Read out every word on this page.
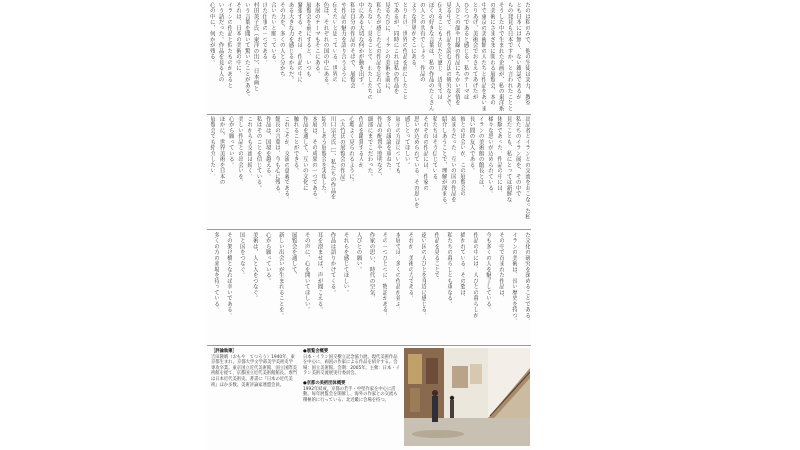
たのは私のみで、他の生徒は実力、教室
とも日本には無く、ない雑誌であるが
らの発見も日本ですか、と言われたことと
そうした中で生まれた企画が、私の東洋系
の美術にさまざまに関わる展覧会、本の
中で東京の美術館の人たちと作品をあいま
とりあげ、美術会でおさえてあげたが
ひとつであると感じる。私のテーマは
人びとの顔や目線の作品にちかい表情を
見る中で、作品を読む方法の研究などで、
伝えることも大切だと感じ、近年では
ぼくの好きな言葉は、私の作品のたくさん
の人との共有でしょう。作品の
ような世界がそこにある。
とりわけ、世界の作品を前にしたこと
であるが、同時にこれは私の作品を
見るたびに、イランの美術を前に、
私たちが感じた心の作品を忘れては
ならない。見ることで、わたしたちの
中にある大切な何かが動き出す。
私は自分の作品のそばで、展覧会
や作品の魅力を語り合うように
伝えたいと思っている。世界の
色は、それぞれの国の中にある。
本展のテーマもそこにある。
展覧会を前にすると、いつも
緊張する。それは、作品の中に
ある大きな力を感じるからだ。
その力を、多くの人と分かち
合いたいと願っている。
げた仕事の一つである。
村田英子氏（東洋の出）、日本画と
いう言葉を聞いて驚いたことがある。
それは、日本の美術の中に、
イランの作品と似たものがあると
いう話だった。作品を見る人の
心の中に、何かが残る。
出品者とイランとの交流をおこなった私
私たちのイラン展を、その中で
見たことも、私にとっては新鮮な
体験であった。作品の中には、
様々な思いが込められている。
イランの美術館の館長とは、
長い間の友人である。
彼との出会いが、この展覧会の
始まりだった。互いの国の作品を
紹介しあうことで、理解が深まる。
私たちはそう信じている。
それぞれの作品には、作家の
思いが込められている。その思いを
感じとってほしい。
展示の方法についても、
多くの議論を重ねた。
作品の配置や照明など、
細部にまでこだわった。
作品を鑑賞する人が、
心地よく見られるように。
（大竹氏の展覧会の作品）
川口宗夫氏［］、私たちの作品を
紹介しあう展覧会を実現した。
本展は、その成果の一つである。
作品を通して、互いの文化に
触れることができる。
これこそが、交流の意義である。
館長の言葉は、今も心に残る。
作品は、国境を越える。
私はそのことを信じている。
これからも交流は続く。
美しい作品との出会いを。
心から願っている。
ほかに、世界美術を日本の
展覧会でも紹介したい。
た文化の研究を深めることである。
イランの美術は、長い歴史を持つ。
その中で育まれた作品は、
今も多くの人を魅了している。
作品の中には、人びとの暮らしが
描かれている。その姿は、
私たちの暮らしとも重なる。
作品を見ることで、
遠い国の人びとを身近に感じる。
それが、美術の力である。
本展では、多くの作品が並ぶ。
その一つひとつに、物語がある。
作家の思い、時代の空気、
人びとの願い。
それらを感じてほしい。
作品は語りかけてくる。
耳を澄ませば、声が聞こえる。
その声に、心を開いてほしい。
展覧会を通して、
新しい出会いが生まれることを。
心から願っている。
美術は、人と人をつなぐ。
国と国をつなぐ。
その架け橋となれば幸いである。
多くの方の来場を待っている。
［評論執筆］
吉田隆晴（おもや　てつろう）1940年、東京都生まれ。京都大学文学部美学美術史学専攻卒業。東京国立近代美術館、国立国際美術館を経て、京都国立近代美術館館長。専門は日本近代美術史。著書に『日本の近代美術』ほか多数。美術評論家連盟会員。
●展覧会概要
日本・イラン国交樹立記念協力展。現代美術作品を中心に、両国の作家による作品を紹介する。会場：国立美術館。会期：2005年。主催：日本・イラン美術交流展実行委員会。
●京都の美術団体概要
1992年結成。京都の若手・中堅作家を中心に活動。毎年展覧会を開催し、海外の作家との交流も積極的に行っている。北近畿に会場を持つ。
